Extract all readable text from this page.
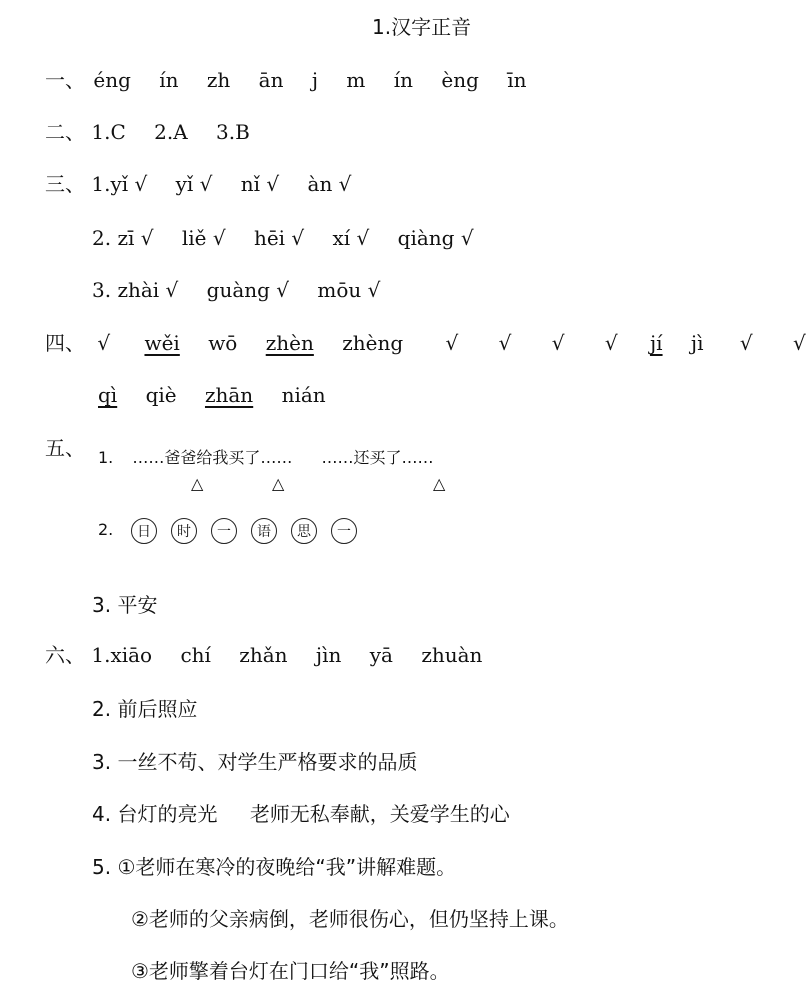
1.汉字正音
一、 éng ín zh ān j m ín èng īn
二、 1.C 2.A 3.B
三、 1.yǐ √ yǐ √ nǐ √ àn √
2. zī √ liě √ hēi √ xí √ qiàng √
3. zhài √ guàng √ mōu √
四、 √ wěi wō zhèn zhèng √ √ √ √ jí jì √ √
qì qiè zhān nián
五、 1. ……爸爸给我买了…… ……还买了……
△	△	△
2.	日 时 一 语 思 一
3. 平安
六、 1.xiāo chí zhǎn jìn yā zhuàn
2. 前后照应
3. 一丝不苟、对学生严格要求的品质
4. 台灯的亮光 老师无私奉献，关爱学生的心
5. ①老师在寒冷的夜晚给“我”讲解难题。
②老师的父亲病倒，老师很伤心，但仍坚持上课。
③老师擎着台灯在门口给“我”照路。
